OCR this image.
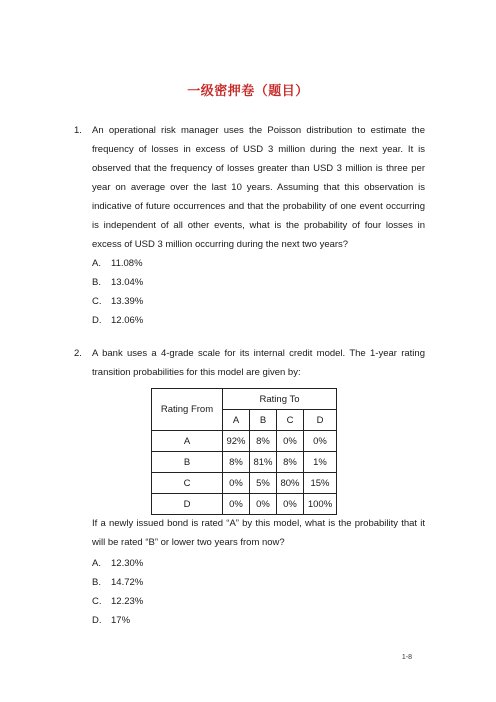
一级密押卷（题目）
1. An operational risk manager uses the Poisson distribution to estimate the frequency of losses in excess of USD 3 million during the next year. It is observed that the frequency of losses greater than USD 3 million is three per year on average over the last 10 years. Assuming that this observation is indicative of future occurrences and that the probability of one event occurring is independent of all other events, what is the probability of four losses in excess of USD 3 million occurring during the next two years?

A. 11.08%
B. 13.04%
C. 13.39%
D. 12.06%
2. A bank uses a 4-grade scale for its internal credit model. The 1-year rating transition probabilities for this model are given by:

Rating From	Rating To			
	A	B	C	D
A	92%	8%	0%	0%
B	8%	81%	8%	1%
C	0%	5%	80%	15%
D	0%	0%	0%	100%

If a newly issued bond is rated “A” by this model, what is the probability that it will be rated “B” or lower two years from now?

A. 12.30%
B. 14.72%
C. 12.23%
D. 17%
1-8
